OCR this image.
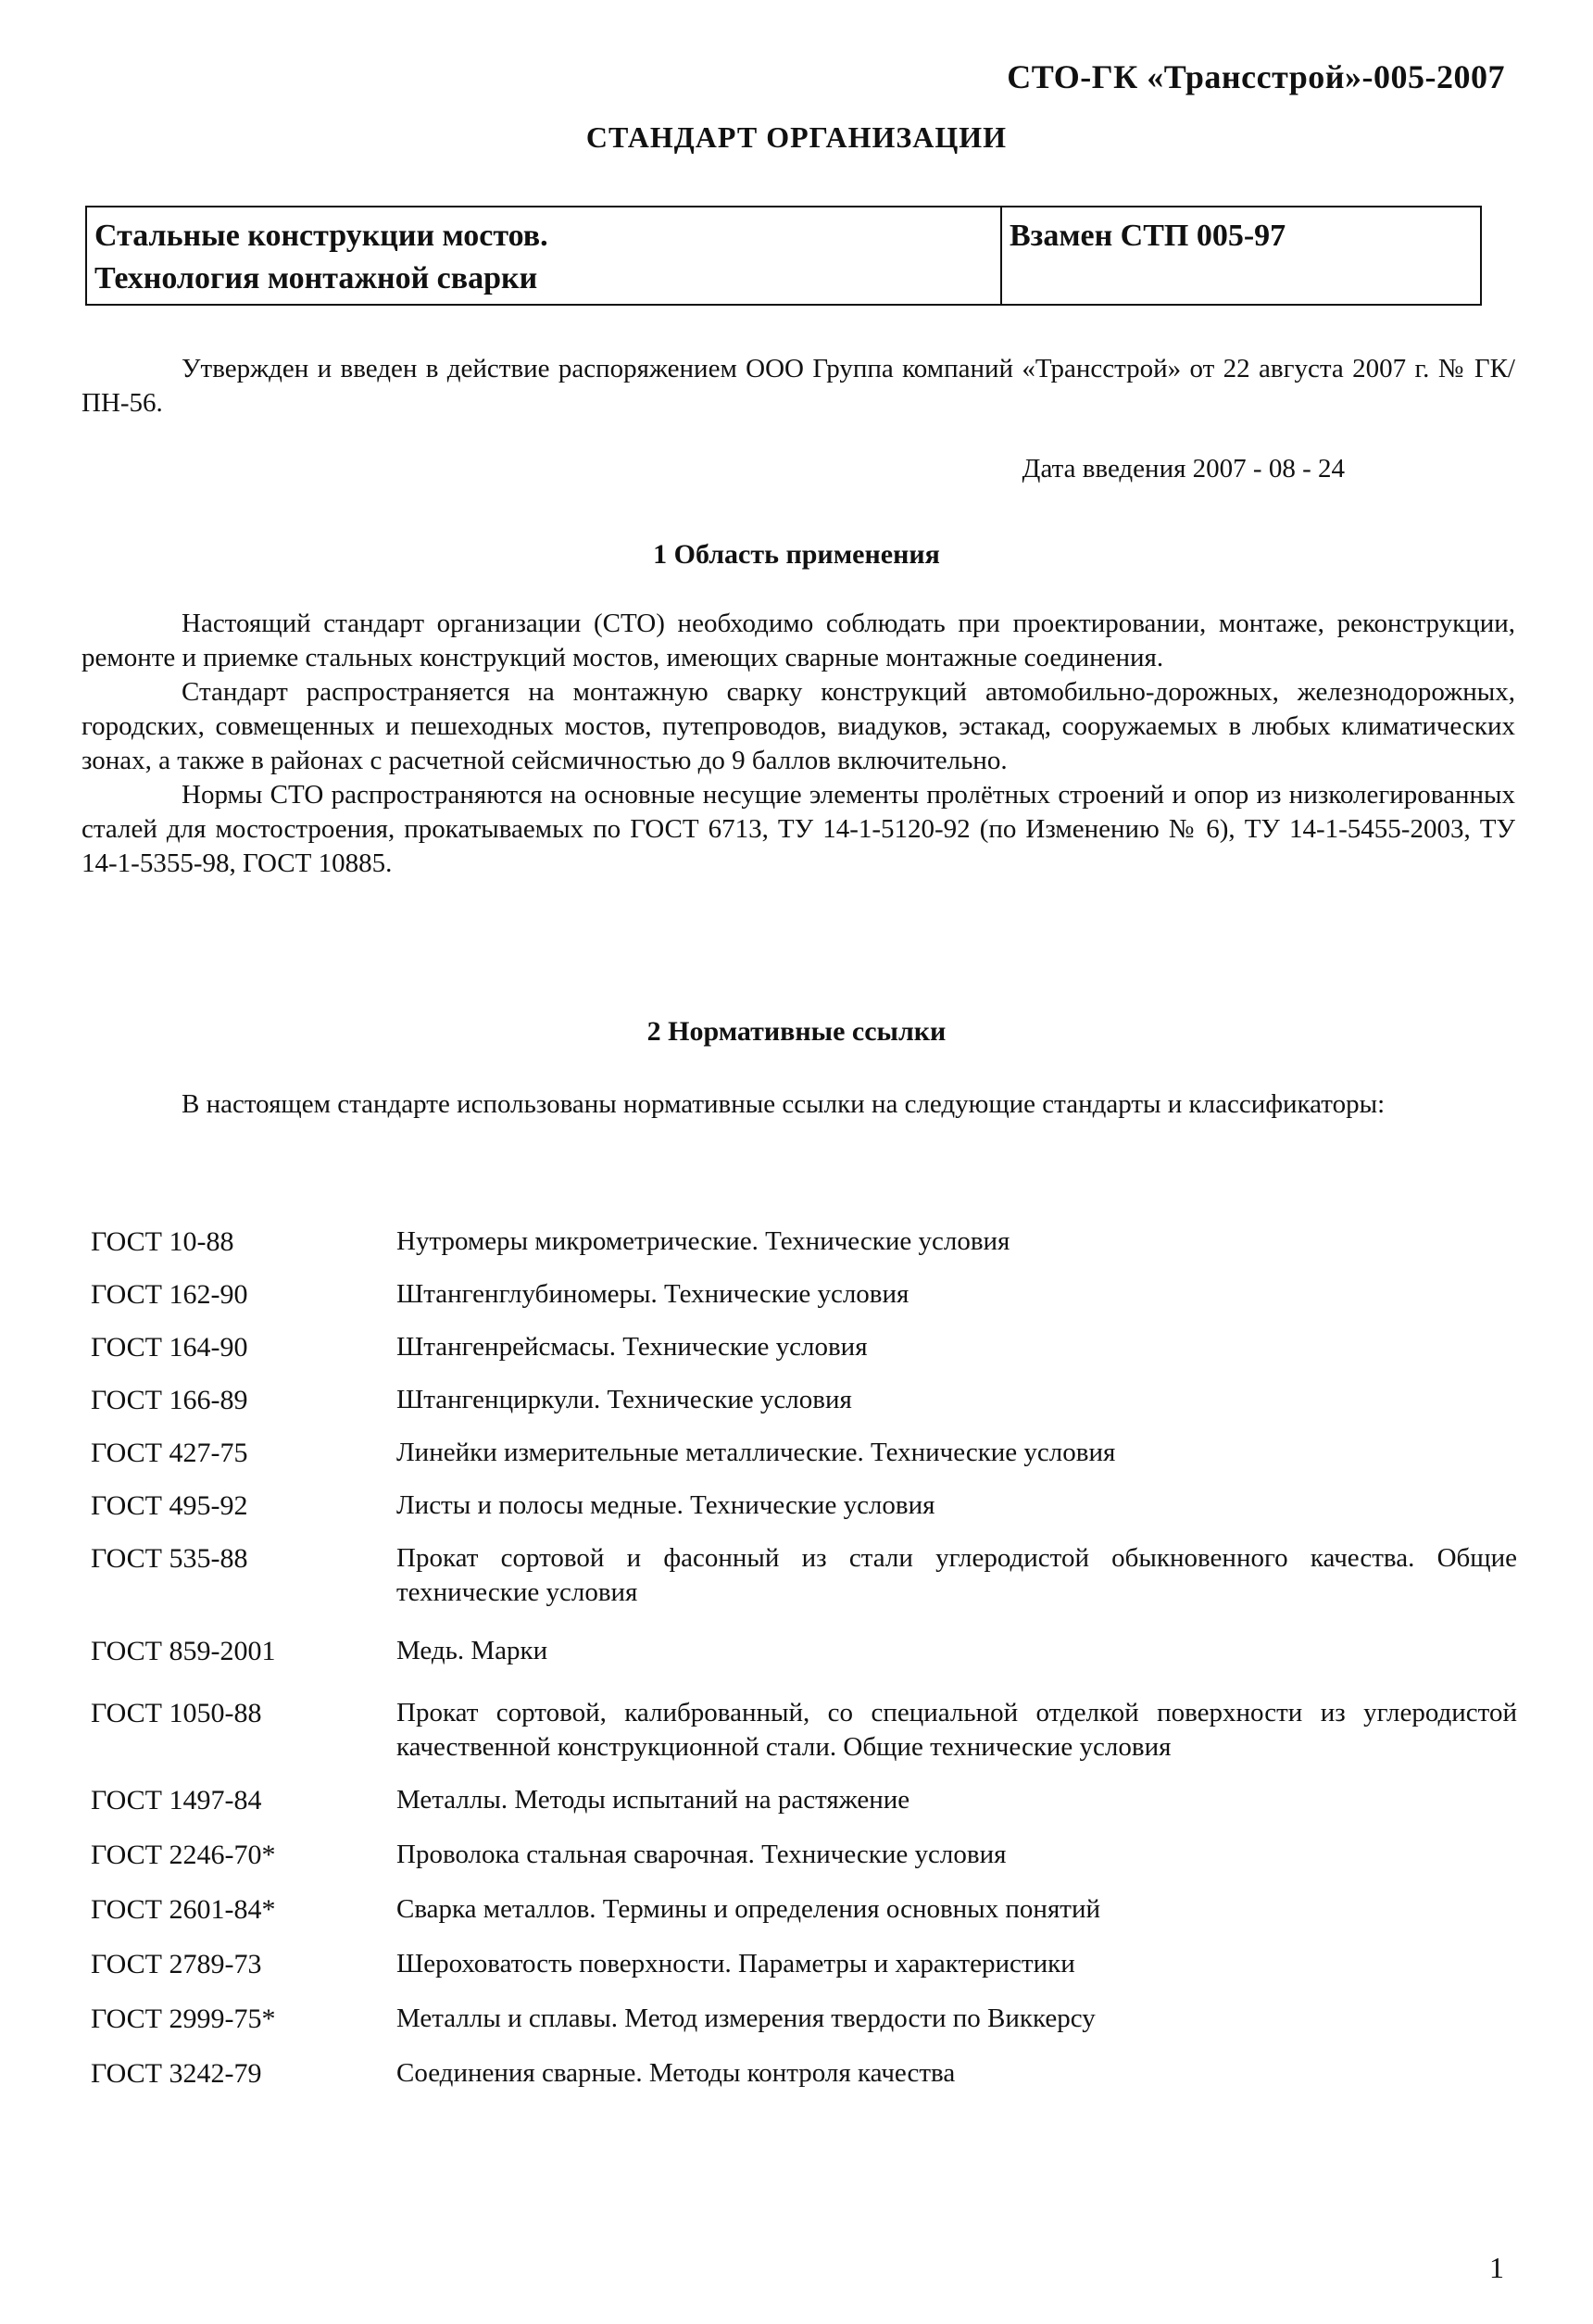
СТО-ГК «Трансстрой»-005-2007
СТАНДАРТ ОРГАНИЗАЦИИ
Стальные конструкции мостов.
Технология монтажной сварки
Взамен СТП 005-97
Утвержден и введен в действие распоряжением ООО Группа компаний «Трансстрой» от 22 августа 2007 г. № ГК/ПН-56.
Дата введения 2007 - 08 - 24
1 Область применения

Настоящий стандарт организации (СТО) необходимо соблюдать при проектировании, монтаже, реконструкции, ремонте и приемке стальных конструкций мостов, имеющих сварные монтажные соединения.

Стандарт распространяется на монтажную сварку конструкций автомобильно-дорожных, железнодорожных, городских, совмещенных и пешеходных мостов, путепроводов, виадуков, эстакад, сооружаемых в любых климатических зонах, а также в районах с расчетной сейсмичностью до 9 баллов включительно.

Нормы СТО распространяются на основные несущие элементы пролётных строений и опор из низколегированных сталей для мостостроения, прокатываемых по ГОСТ 6713, ТУ 14-1-5120-92 (по Изменению № 6), ТУ 14-1-5455-2003, ТУ 14-1-5355-98, ГОСТ 10885.

2 Нормативные ссылки
В настоящем стандарте использованы нормативные ссылки на следующие стандарты и классификаторы:
ГОСТ 10-88	Нутромеры микрометрические. Технические условия
ГОСТ 162-90	Штангенглубиномеры. Технические условия
ГОСТ 164-90	Штангенрейсмасы. Технические условия
ГОСТ 166-89	Штангенциркули. Технические условия
ГОСТ 427-75	Линейки измерительные металлические. Технические условия
ГОСТ 495-92	Листы и полосы медные. Технические условия
ГОСТ 535-88	Прокат сортовой и фасонный из стали углеродистой обыкновенного качества. Общие технические условия
ГОСТ 859-2001	Медь. Марки
ГОСТ 1050-88	Прокат сортовой, калиброванный, со специальной отделкой поверхности из углеродистой качественной конструкционной стали. Общие технические условия
ГОСТ 1497-84	Металлы. Методы испытаний на растяжение
ГОСТ 2246-70*	Проволока стальная сварочная. Технические условия
ГОСТ 2601-84*	Сварка металлов. Термины и определения основных понятий
ГОСТ 2789-73	Шероховатость поверхности. Параметры и характеристики
ГОСТ 2999-75*	Металлы и сплавы. Метод измерения твердости по Виккерсу
ГОСТ 3242-79	Соединения сварные. Методы контроля качества
1
